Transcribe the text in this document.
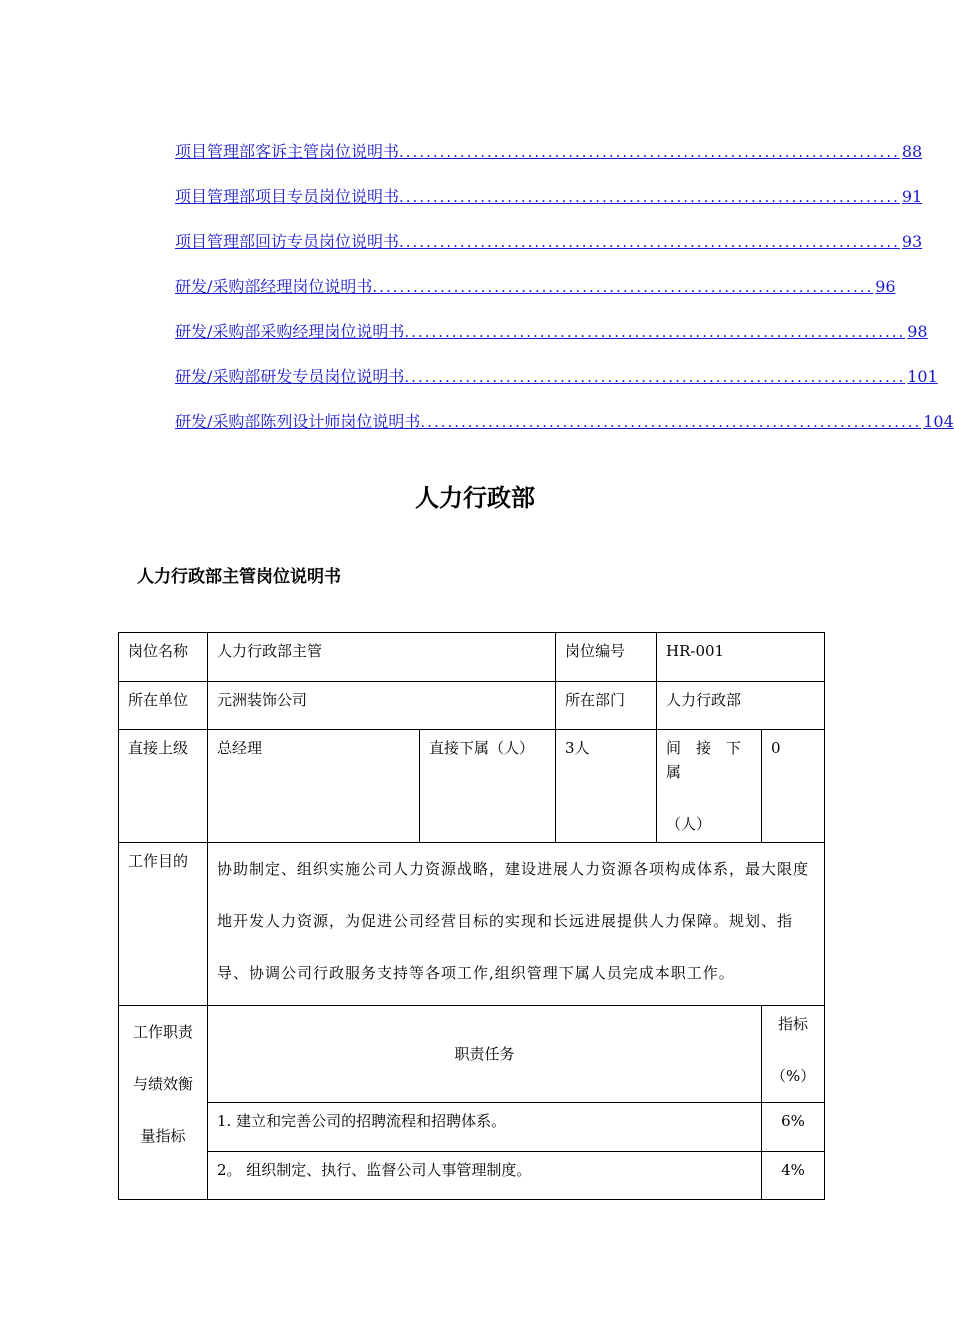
项目管理部客诉主管岗位说明书 .......................................................................... 88
项目管理部项目专员岗位说明书 .......................................................................... 91
项目管理部回访专员岗位说明书 .......................................................................... 93
研发/采购部经理岗位说明书 .......................................................................... 96
研发/采购部采购经理岗位说明书 .......................................................................... 98
研发/采购部研发专员岗位说明书 .......................................................................... 101
研发/采购部陈列设计师岗位说明书 .......................................................................... 104
人力行政部
人力行政部主管岗位说明书
岗位名称	人力行政部主管		岗位编号	HR-001	
所在单位	元洲装饰公司		所在部门	人力行政部	
直接上级	总经理	直接下属（人）	3人	间　接　下　属
（人）	0
工作目的	协助制定、组织实施公司人力资源战略，建设进展人力资源各项构成体系，最大限度地开发人力资源，为促进公司经营目标的实现和长远进展提供人力保障。规划、指导、协调公司行政服务支持等各项工作,组织管理下属人员完成本职工作。				
工作职责与绩效衡量指标	职责任务				指标
（%）

	1. 建立和完善公司的招聘流程和招聘体系。				6%
	2。 组织制定、执行、监督公司人事管理制度。				4%
